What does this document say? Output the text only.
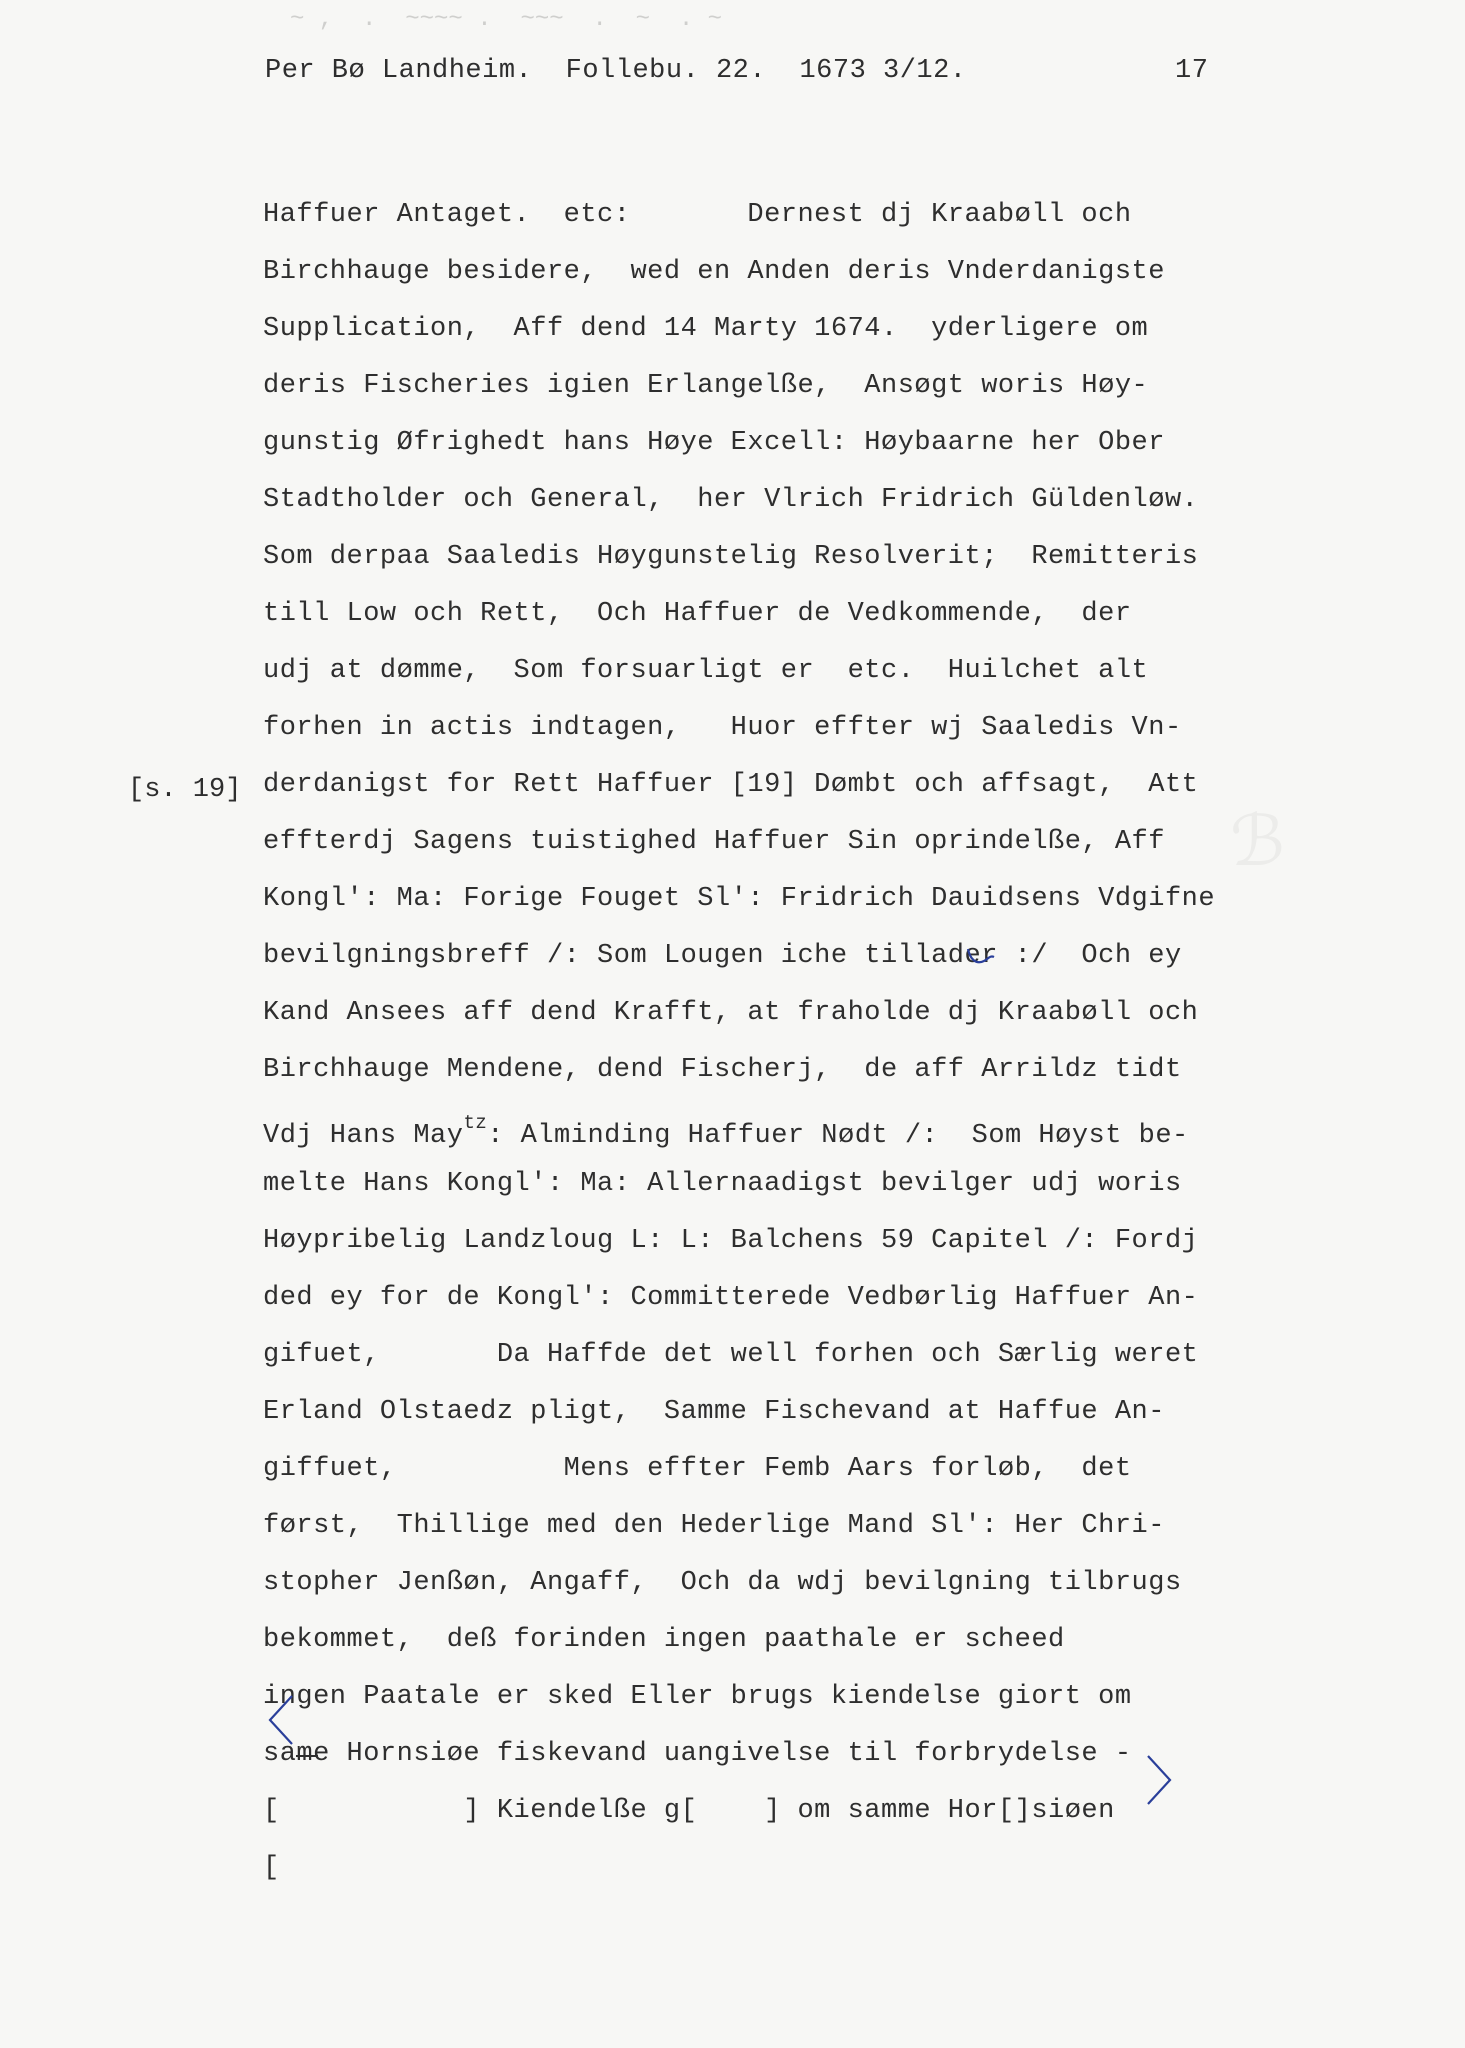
~ ,  .  ~~~~ .  ~~~  .  ~  . ~
ℬ
Per Bø Landheim.  Follebu. 22.  1673 3/12.	17
[s. 19]
Haffuer Antaget.  etc:       Dernest dj Kraabøll och
Birchhauge besidere,  wed en Anden deris Vnderdanigste
Supplication,  Aff dend 14 Marty 1674.  yderligere om
deris Fischeries igien Erlangelße,  Ansøgt woris Høy-
gunstig Øfrighedt hans Høye Excell: Høybaarne her Ober
Stadtholder och General,  her Vlrich Fridrich Güldenløw.
Som derpaa Saaledis Høygunstelig Resolverit;  Remitteris
till Low och Rett,  Och Haffuer de Vedkommende,  der
udj at dømme,  Som forsuarligt er  etc.  Huilchet alt
forhen in actis indtagen,   Huor effter wj Saaledis Vn-
derdanigst for Rett Haffuer [19] Dømbt och affsagt,  Att
effterdj Sagens tuistighed Haffuer Sin oprindelße, Aff
Kongl': Ma: Forige Fouget Sl': Fridrich Dauidsens Vdgifne
bevilgningsbreff /: Som Lougen iche tillader :/  Och ey
Kand Ansees aff dend Krafft, at fraholde dj Kraabøll och
Birchhauge Mendene, dend Fischerj,  de aff Arrildz tidt
Vdj Hans May$^{tz}$: Alminding Haffuer Nødt /:  Som Høyst be-
melte Hans Kongl': Ma: Allernaadigst bevilger udj woris
Høypribelig Landzloug L: L: Balchens 59 Capitel /: Fordj
ded ey for de Kongl': Committerede Vedbørlig Haffuer An-
gifuet,       Da Haffde det well forhen och Særlig weret
Erland Olstaedz pligt,  Samme Fischevand at Haffue An-
giffuet,          Mens effter Femb Aars forløb,  det
først,  Thillige med den Hederlige Mand Sl': Her Chri-
stopher Jenßøn, Angaff,  Och da wdj bevilgning tilbrugs
bekommet,  deß forinden ingen paathale er scheed
ingen Paatale er sked Eller brugs kiendelse giort om
same Hornsiøe fiskevand uangivelse til forbrydelse -
[           ] Kiendelße g[    ] om samme Hor[]siøen
[
